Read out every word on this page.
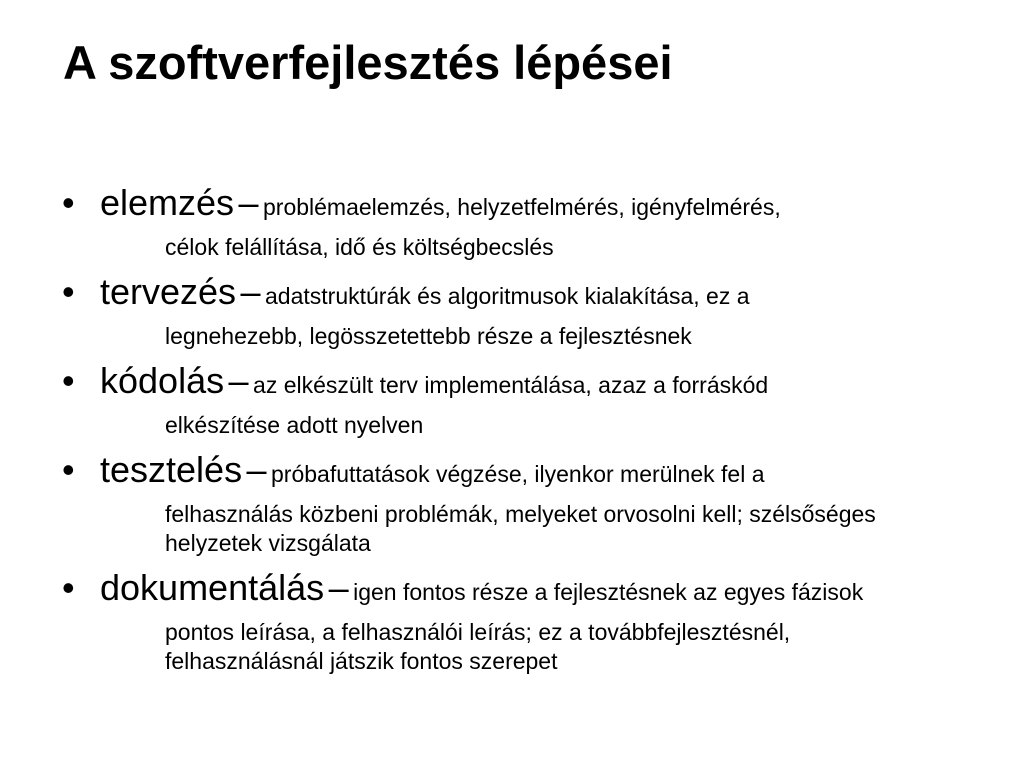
A szoftverfejlesztés lépései
• elemzés – problémaelemzés, helyzetfelmérés, igényfelmérés,
célok felállítása, idő és költségbecslés
• tervezés – adatstruktúrák és algoritmusok kialakítása, ez a
legnehezebb, legösszetettebb része a fejlesztésnek
• kódolás – az elkészült terv implementálása, azaz a forráskód
elkészítése adott nyelven
• tesztelés – próbafuttatások végzése, ilyenkor merülnek fel a
felhasználás közbeni problémák, melyeket orvosolni kell; szélsőséges
helyzetek vizsgálata
• dokumentálás – igen fontos része a fejlesztésnek az egyes fázisok
pontos leírása, a felhasználói leírás; ez a továbbfejlesztésnél,
felhasználásnál játszik fontos szerepet
